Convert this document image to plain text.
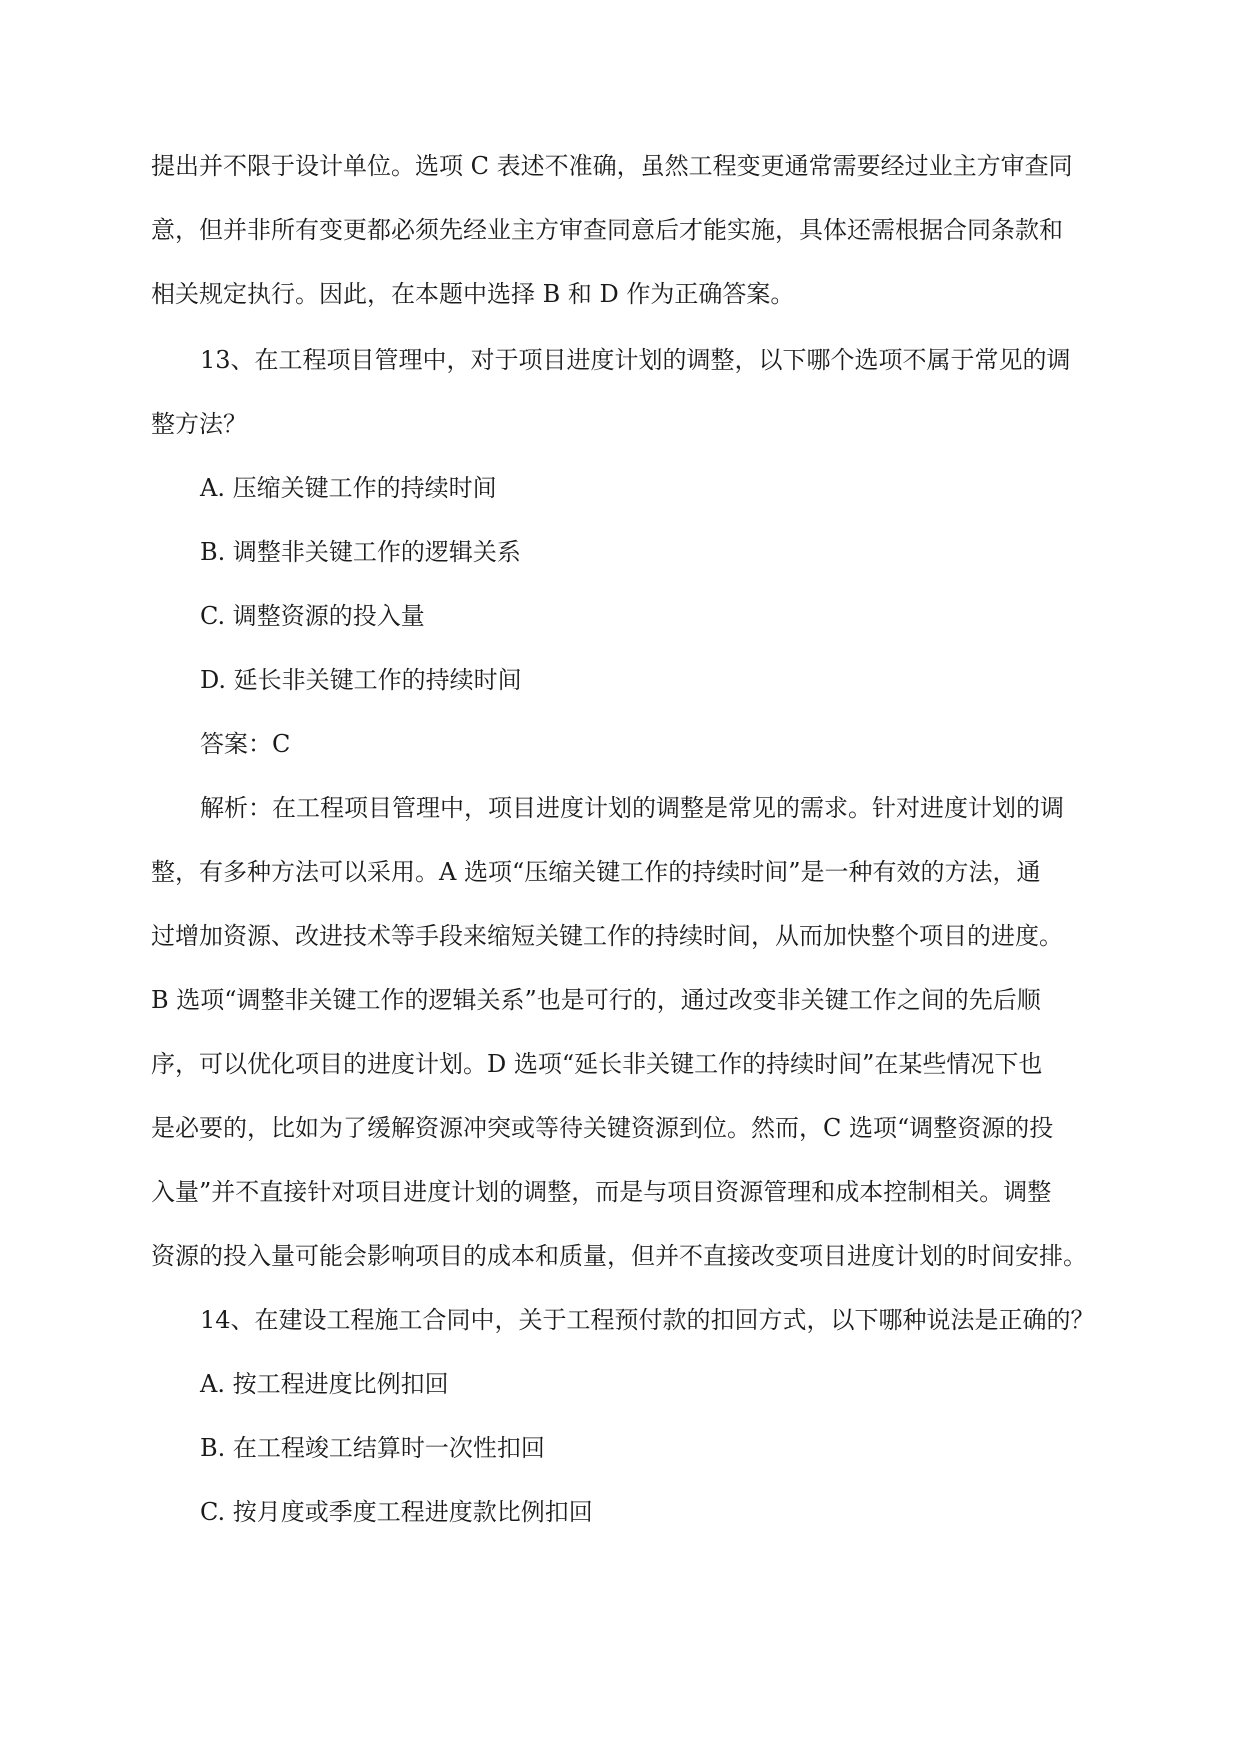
提出并不限于设计单位。选项 C 表述不准确，虽然工程变更通常需要经过业主方审查同
意，但并非所有变更都必须先经业主方审查同意后才能实施，具体还需根据合同条款和
相关规定执行。因此，在本题中选择 B 和 D 作为正确答案。
13、在工程项目管理中，对于项目进度计划的调整，以下哪个选项不属于常见的调
整方法？
A. 压缩关键工作的持续时间
B. 调整非关键工作的逻辑关系
C. 调整资源的投入量
D. 延长非关键工作的持续时间
答案：C
解析：在工程项目管理中，项目进度计划的调整是常见的需求。针对进度计划的调
整，有多种方法可以采用。A 选项“压缩关键工作的持续时间”是一种有效的方法，通
过增加资源、改进技术等手段来缩短关键工作的持续时间，从而加快整个项目的进度。
B 选项“调整非关键工作的逻辑关系”也是可行的，通过改变非关键工作之间的先后顺
序，可以优化项目的进度计划。D 选项“延长非关键工作的持续时间”在某些情况下也
是必要的，比如为了缓解资源冲突或等待关键资源到位。然而，C 选项“调整资源的投
入量”并不直接针对项目进度计划的调整，而是与项目资源管理和成本控制相关。调整
资源的投入量可能会影响项目的成本和质量，但并不直接改变项目进度计划的时间安排。
14、在建设工程施工合同中，关于工程预付款的扣回方式，以下哪种说法是正确的？
A. 按工程进度比例扣回
B. 在工程竣工结算时一次性扣回
C. 按月度或季度工程进度款比例扣回
